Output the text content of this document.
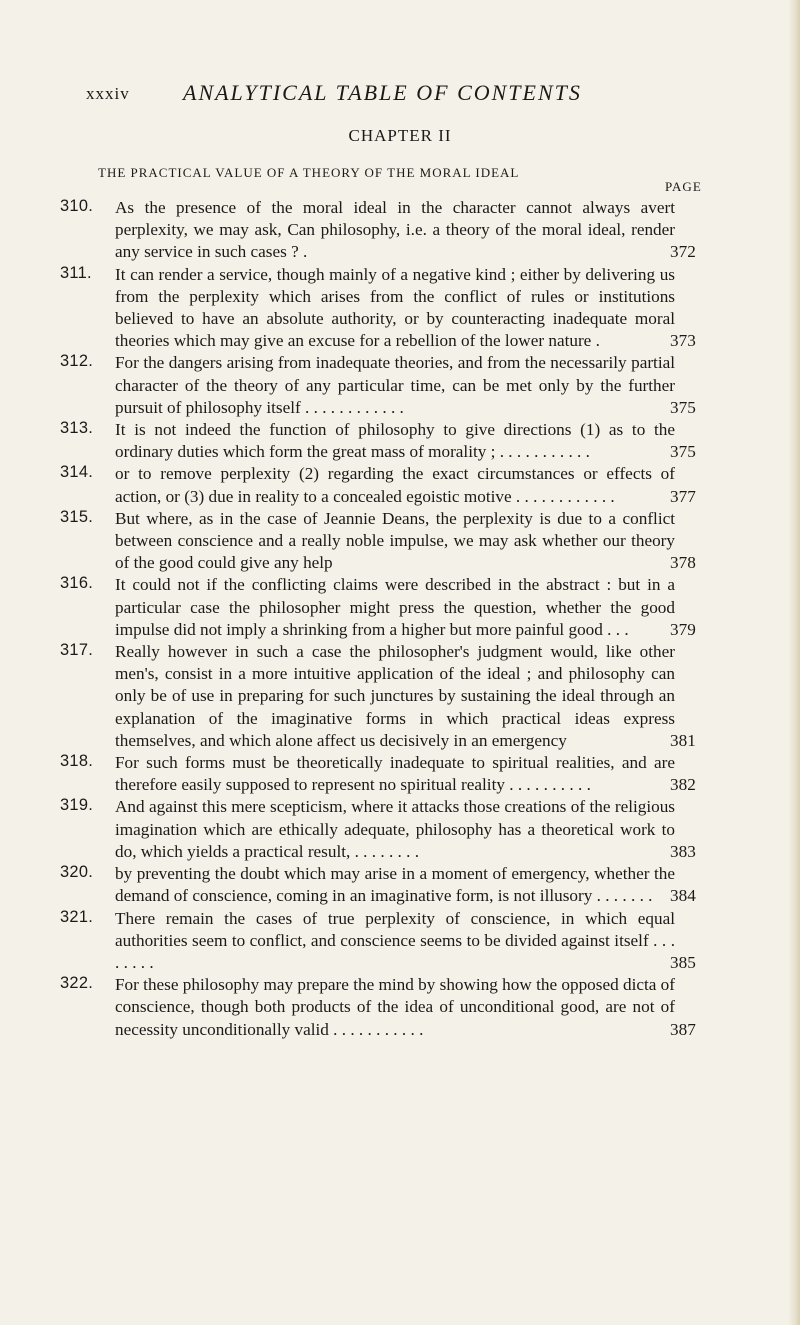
xxxiv ANALYTICAL TABLE OF CONTENTS
CHAPTER II
THE PRACTICAL VALUE OF A THEORY OF THE MORAL IDEAL
PAGE
310.	As the presence of the moral ideal in the character cannot always avert perplexity, we may ask, Can philosophy, i.e. a theory of the moral ideal, render any service in such cases ? .	372
311.	It can render a service, though mainly of a negative kind ; either by delivering us from the perplexity which arises from the conflict of rules or institutions believed to have an absolute authority, or by counteracting inadequate moral theories which may give an excuse for a rebellion of the lower nature .	373
312.	For the dangers arising from inadequate theories, and from the necessarily partial character of the theory of any particular time, can be met only by the further pursuit of philosophy itself . . . . . . . . . . . .	375
313.	It is not indeed the function of philosophy to give directions (1) as to the ordinary duties which form the great mass of morality ; . . . . . . . . . . .	375
314.	or to remove perplexity (2) regarding the exact circumstances or effects of action, or (3) due in reality to a concealed egoistic motive . . . . . . . . . . . .	377
315.	But where, as in the case of Jeannie Deans, the perplexity is due to a conflict between conscience and a really noble impulse, we may ask whether our theory of the good could give any help	378
316.	It could not if the conflicting claims were described in the abstract : but in a particular case the philosopher might press the question, whether the good impulse did not imply a shrinking from a higher but more painful good . . .	379
317.	Really however in such a case the philosopher's judgment would, like other men's, consist in a more intuitive application of the ideal ; and philosophy can only be of use in preparing for such junctures by sustaining the ideal through an explanation of the imaginative forms in which practical ideas express themselves, and which alone affect us decisively in an emergency	381
318.	For such forms must be theoretically inadequate to spiritual realities, and are therefore easily supposed to represent no spiritual reality . . . . . . . . . .	382
319.	And against this mere scepticism, where it attacks those creations of the religious imagination which are ethically adequate, philosophy has a theoretical work to do, which yields a practical result, . . . . . . . .	383
320.	by preventing the doubt which may arise in a moment of emergency, whether the demand of conscience, coming in an imaginative form, is not illusory . . . . . . .	384
321.	There remain the cases of true perplexity of conscience, in which equal authorities seem to conflict, and conscience seems to be divided against itself . . . . . . . .	385
322.	For these philosophy may prepare the mind by showing how the opposed dicta of conscience, though both products of the idea of unconditional good, are not of necessity unconditionally valid . . . . . . . . . . .	387
